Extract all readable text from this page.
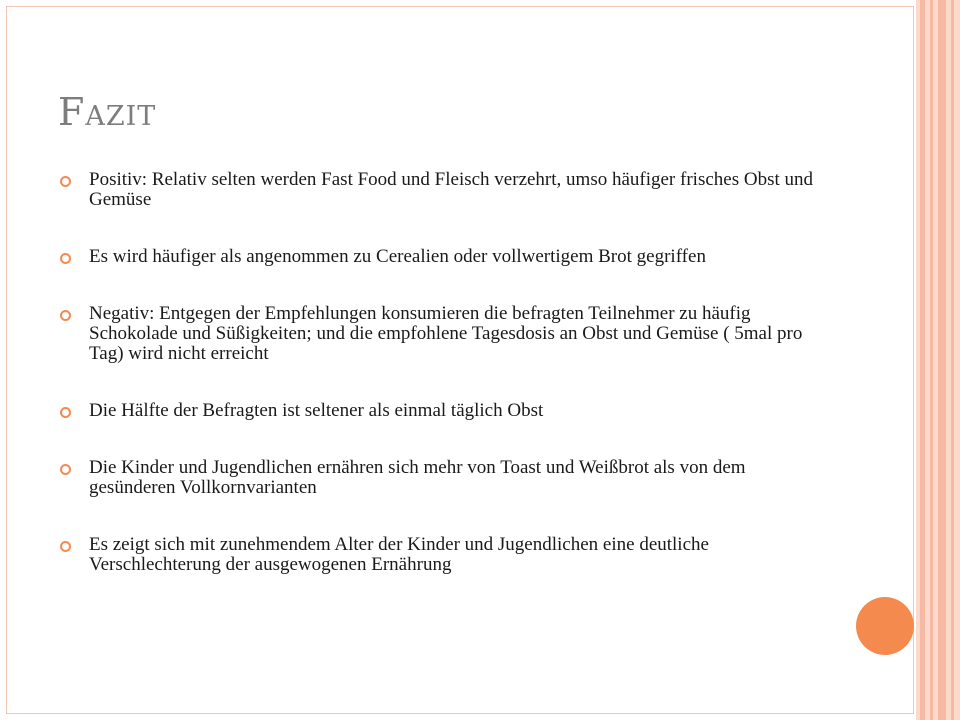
Fazit
Positiv: Relativ selten werden Fast Food und Fleisch verzehrt, umso häufiger frisches Obst und Gemüse
Es wird häufiger als angenommen zu Cerealien oder vollwertigem Brot gegriffen
Negativ: Entgegen der Empfehlungen konsumieren die befragten Teilnehmer zu häufig Schokolade und Süßigkeiten; und die empfohlene Tagesdosis an Obst und Gemüse ( 5mal pro Tag) wird nicht erreicht
Die Hälfte der Befragten ist seltener als einmal täglich Obst
Die Kinder und Jugendlichen ernähren sich mehr von Toast und Weißbrot als von dem gesünderen Vollkornvarianten
Es zeigt sich mit zunehmendem Alter der Kinder und Jugendlichen eine deutliche Verschlechterung der ausgewogenen Ernährung
